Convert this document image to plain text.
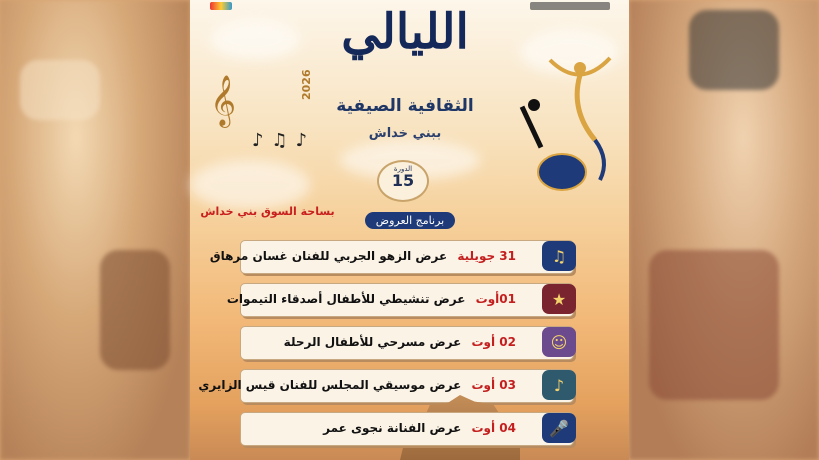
𝄞
♪♫♪
الليالي
2026
الثقافية الصيفية
ببني خداش
الدورة
15
بساحة السوق بني خداش
برنامج العروض
31 جويلية عرض الزهو الجربي للفنان غسان مرهاق	♫
01أوت عرض تنشيطي للأطفال أصدقاء التيموات	★
02 أوت عرض مسرحي للأطفال الرحلة	☺
03 أوت عرض موسيقي المجلس للفنان قيس الزايري	♪
04 أوت عرض الفنانة نجوى عمر	🎤
